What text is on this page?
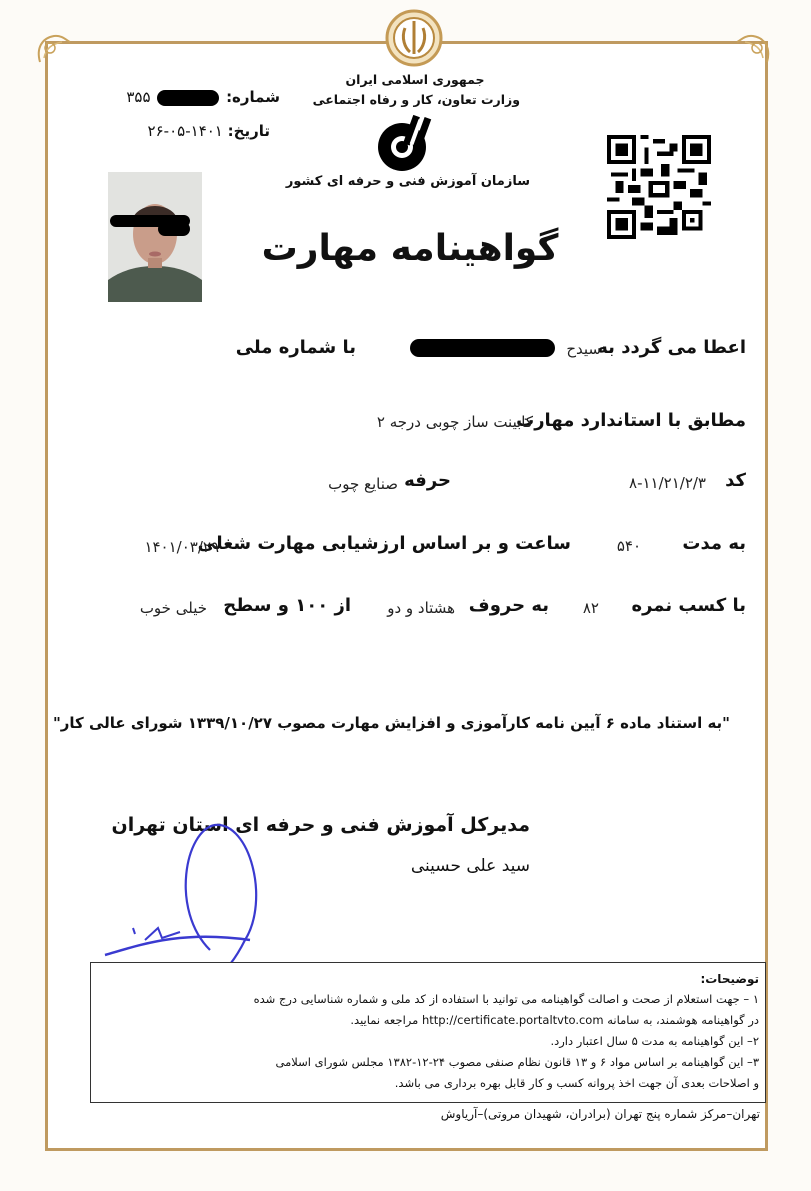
جمهوری اسلامی ایران
وزارت تعاون، کار و رفاه اجتماعی
سازمان آموزش فنی و حرفه ای کشور
شماره:  ۳۵۵
تاریخ: ۱۴۰۱-۰۵-۲۶
گواهینامه مهارت
اعطا می گردد به
سیدح
با شماره ملی
مطابق با استاندارد مهارت
کابینت ساز چوبی درجه ۲
کد
۸-۱۱/۲۱/۲/۳
حرفه
صنایع چوب
به مدت
۵۴۰
ساعت و بر اساس ارزشیابی مهارت شغلی
۱۴۰۱/۰۳/۲۹
با کسب نمره
۸۲
به حروف
هشتاد و دو
از ۱۰۰ و سطح
خیلی خوب
"به استناد ماده ۶ آیین نامه کارآموزی و افزایش مهارت مصوب ۱۳۳۹/۱۰/۲۷ شورای عالی کار"
مدیرکل آموزش فنی و حرفه ای استان تهران
سید علی حسینی
توضیحات:
۱ – جهت استعلام از صحت و اصالت گواهینامه می توانید با استفاده از کد ملی و شماره شناسایی درج شده
در گواهینامه هوشمند، به سامانه http://certificate.portaltvto.com مراجعه نمایید.
۲– این گواهینامه به مدت ۵ سال اعتبار دارد.
۳– این گواهینامه بر اساس مواد ۶ و ۱۳ قانون نظام صنفی مصوب ۲۴-۱۲-۱۳۸۲ مجلس شورای اسلامی
و اصلاحات بعدی آن جهت اخذ پروانه کسب و کار قابل بهره برداری می باشد.
تهران–مرکز شماره پنج تهران (برادران، شهیدان مروتی)–آریاوش
